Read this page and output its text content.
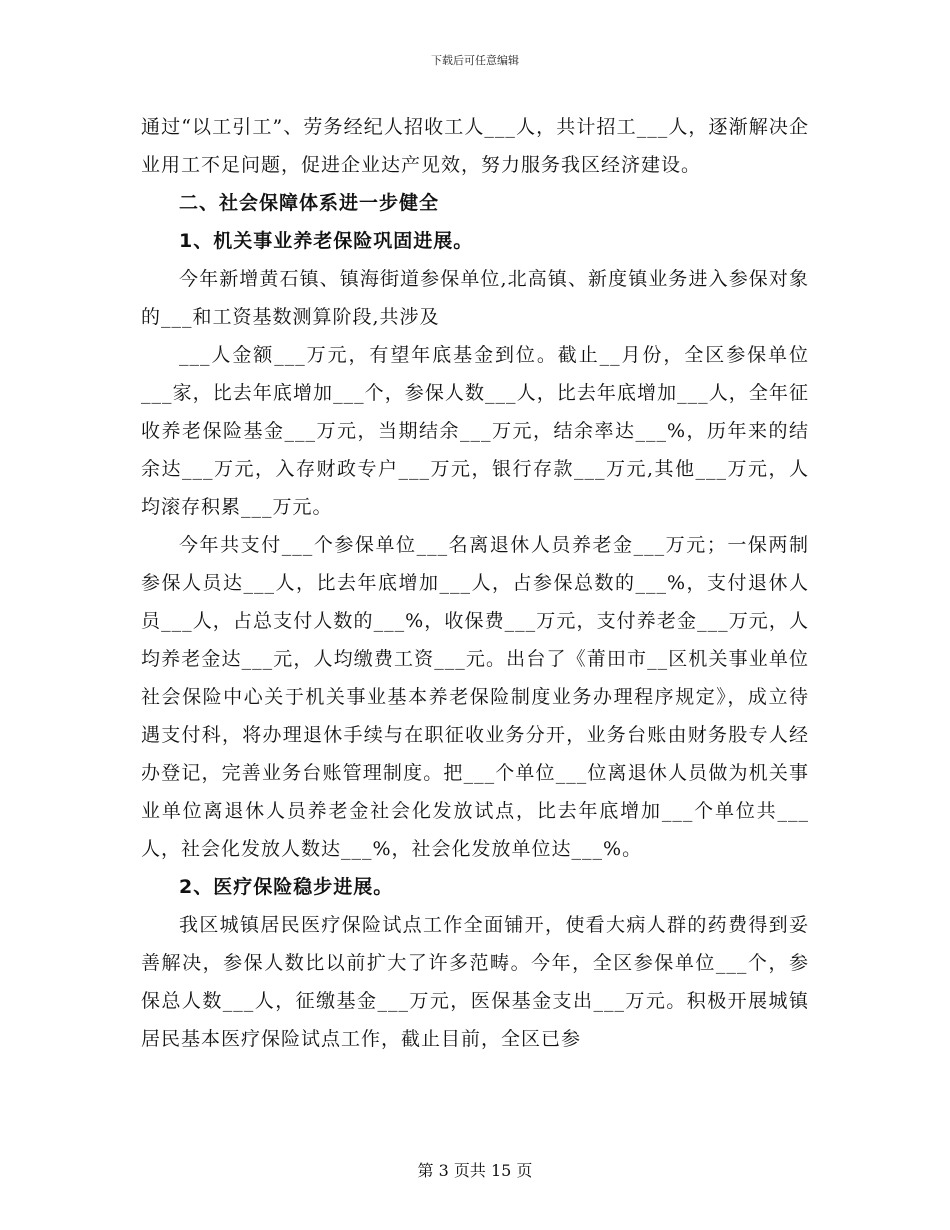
下载后可任意编辑

通过“以工引工”、劳务经纪人招收工人___人，共计招工___人，逐渐解决企业用工不足问题，促进企业达产见效，努力服务我区经济建设。

二、社会保障体系进一步健全

1、机关事业养老保险巩固进展。

今年新增黄石镇、镇海街道参保单位,北高镇、新度镇业务进入参保对象的___和工资基数测算阶段,共涉及

___人金额___万元，有望年底基金到位。截止__月份，全区参保单位___家，比去年底增加___个，参保人数___人，比去年底增加___人，全年征收养老保险基金___万元，当期结余___万元，结余率达___%，历年来的结余达___万元，入存财政专户___万元，银行存款___万元,其他___万元，人均滚存积累___万元。

今年共支付___个参保单位___名离退休人员养老金___万元；一保两制参保人员达___人，比去年底增加___人，占参保总数的___%，支付退休人员___人，占总支付人数的___%，收保费___万元，支付养老金___万元，人均养老金达___元，人均缴费工资___元。出台了《莆田市__区机关事业单位社会保险中心关于机关事业基本养老保险制度业务办理程序规定》，成立待遇支付科，将办理退休手续与在职征收业务分开，业务台账由财务股专人经办登记，完善业务台账管理制度。把___个单位___位离退休人员做为机关事业单位离退休人员养老金社会化发放试点，比去年底增加___个单位共___人，社会化发放人数达___%，社会化发放单位达___%。

2、医疗保险稳步进展。

我区城镇居民医疗保险试点工作全面铺开，使看大病人群的药费得到妥善解决，参保人数比以前扩大了许多范畴。今年，全区参保单位___个，参保总人数___人，征缴基金___万元，医保基金支出___万元。积极开展城镇居民基本医疗保险试点工作，截止目前，全区已参

第 3 页共 15 页
